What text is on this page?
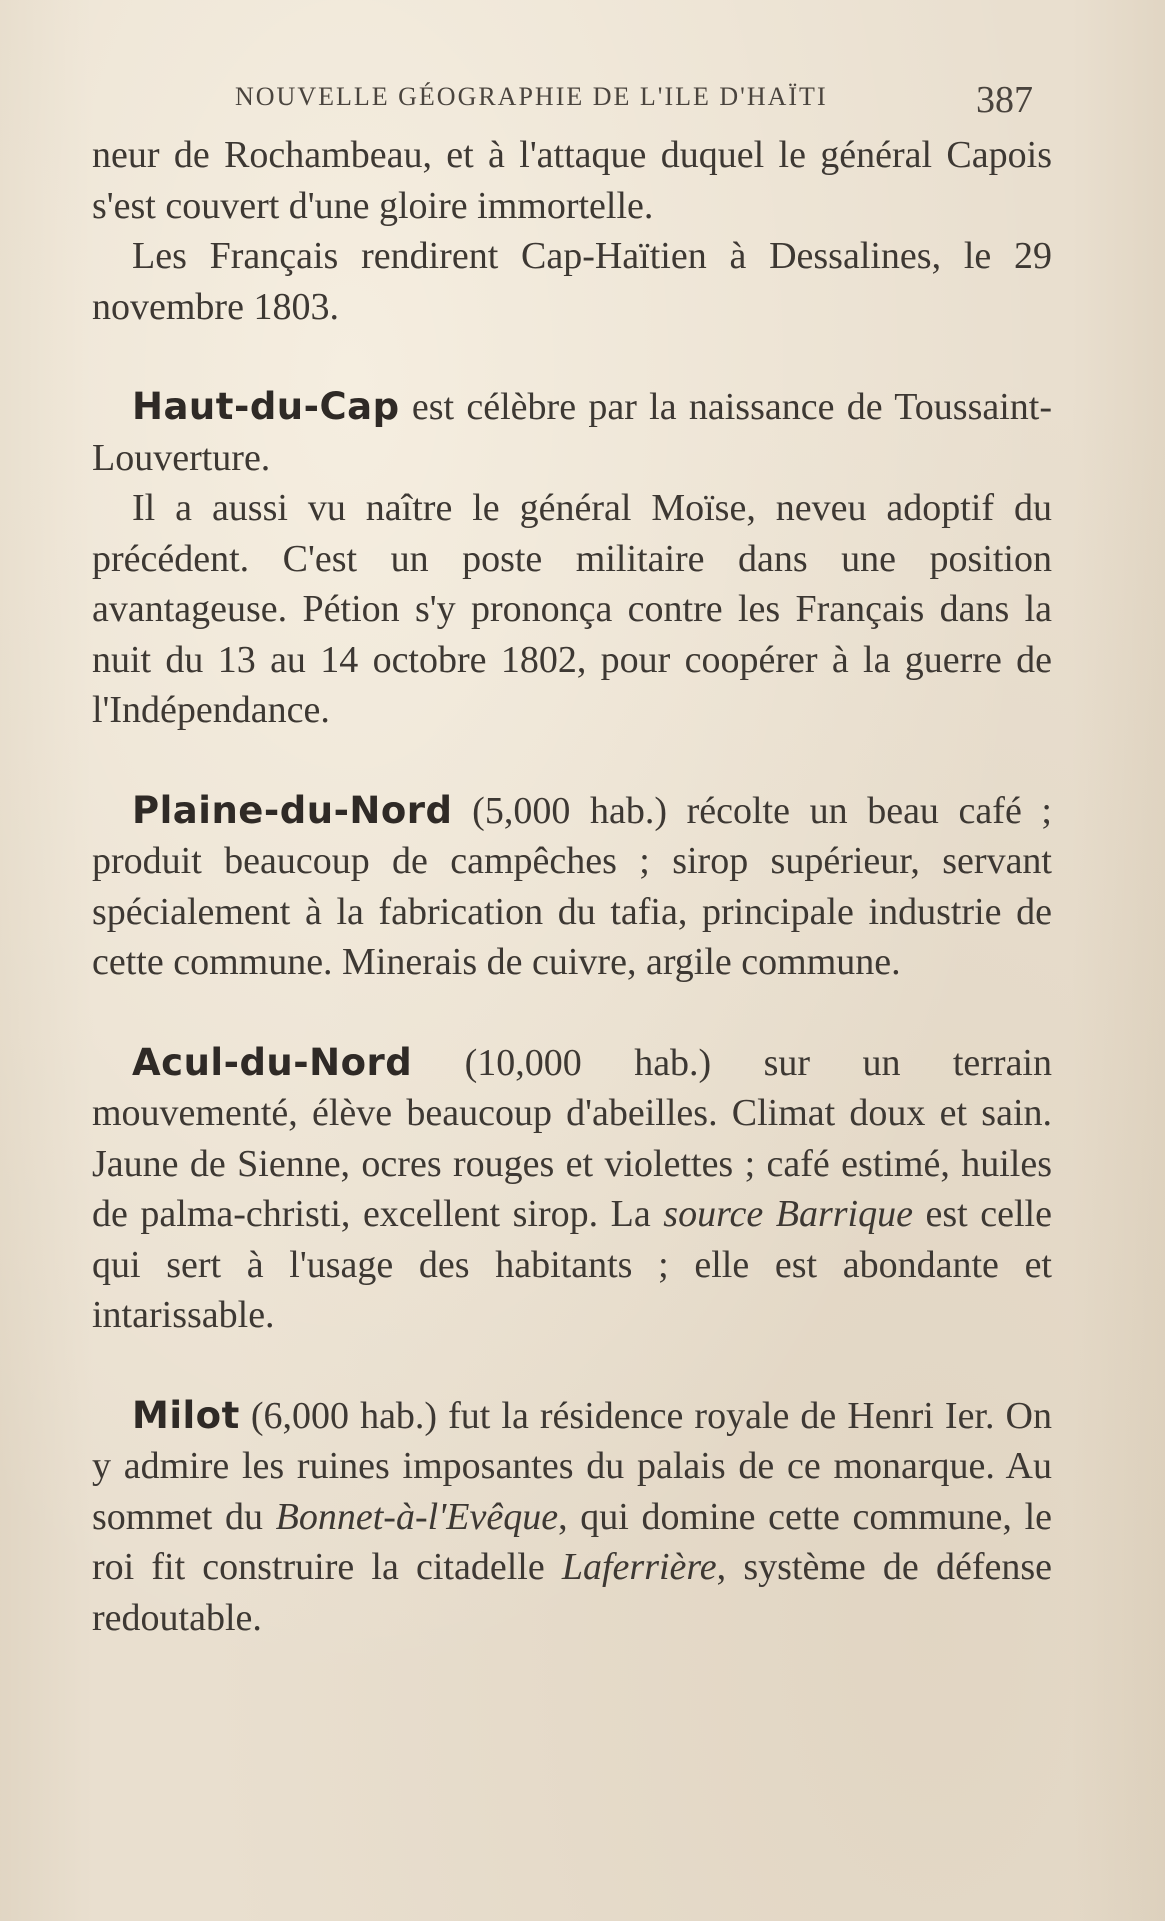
NOUVELLE GÉOGRAPHIE DE L'ILE D'HAÏTI	387

neur de Rochambeau, et à l'attaque duquel le général Capois s'est couvert d'une gloire immortelle.

Les Français rendirent Cap-Haïtien à Dessalines, le 29 novembre 1803.

Haut-du-Cap est célèbre par la naissance de Toussaint-Louverture.

Il a aussi vu naître le général Moïse, neveu adoptif du précédent. C'est un poste militaire dans une position avantageuse. Pétion s'y prononça contre les Français dans la nuit du 13 au 14 octobre 1802, pour coopérer à la guerre de l'Indépendance.

Plaine-du-Nord (5,000 hab.) récolte un beau café ; produit beaucoup de campêches ; sirop supérieur, servant spécialement à la fabrication du tafia, principale industrie de cette commune. Minerais de cuivre, argile commune.

Acul-du-Nord (10,000 hab.) sur un terrain mouvementé, élève beaucoup d'abeilles. Climat doux et sain. Jaune de Sienne, ocres rouges et violettes ; café estimé, huiles de palma-christi, excellent sirop. La source Barrique est celle qui sert à l'usage des habitants ; elle est abondante et intarissable.

Milot (6,000 hab.) fut la résidence royale de Henri Ier. On y admire les ruines imposantes du palais de ce monarque. Au sommet du Bonnet-à-l'Evêque, qui domine cette commune, le roi fit construire la citadelle Laferrière, système de défense redoutable.
